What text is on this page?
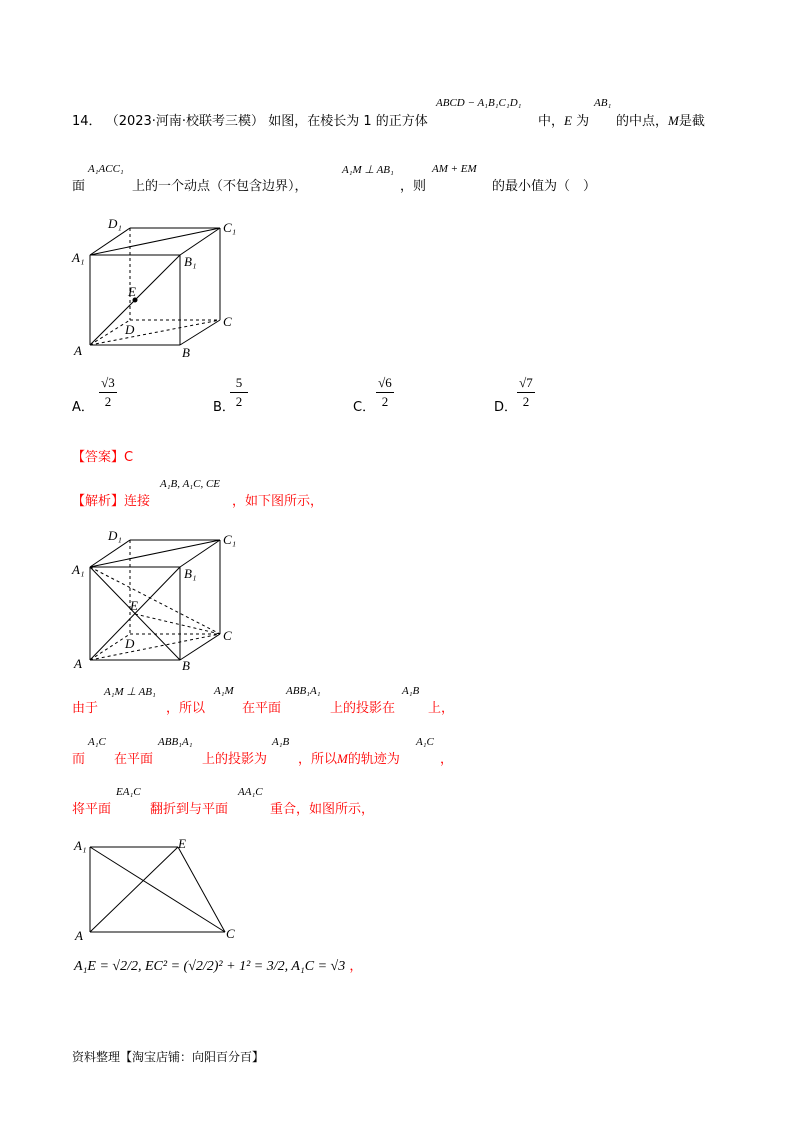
14． （2023·河南·校联考三模） 如图，在棱长为 1 的正方体
ABCD − A₁B₁C₁D₁
中，E 为
AB₁
的中点，M是截
面
A₁ACC₁
上的一个动点（不包含边界），
A₁M ⊥ AB₁
，则
AM + EM
的最小值为（　）
A₁
D₁	C₁
B₁
E
D
C
A	B
A．
√3
2	B．
5
2	C．
√6
2	D．
√7
2
【答案】C
【解析】连接
A₁B, A₁C, CE
，如下图所示，
A₁
D₁	C₁
B₁
E
D
C
A	B
由于
A₁M ⊥ AB₁
，所以
A₁M
在平面
ABB₁A₁
上的投影在
A₁B
上，
而
A₁C
在平面
ABB₁A₁
上的投影为
A₁B
，所以M的轨迹为
A₁C
，
将平面
EA₁C
翻折到与平面
AA₁C
重合，如图所示，
A₁	E
A	C
A₁E = √2/2, EC² = (√2/2)² + 1² = 3/2, A₁C = √3 ，
资料整理【淘宝店铺：向阳百分百】
